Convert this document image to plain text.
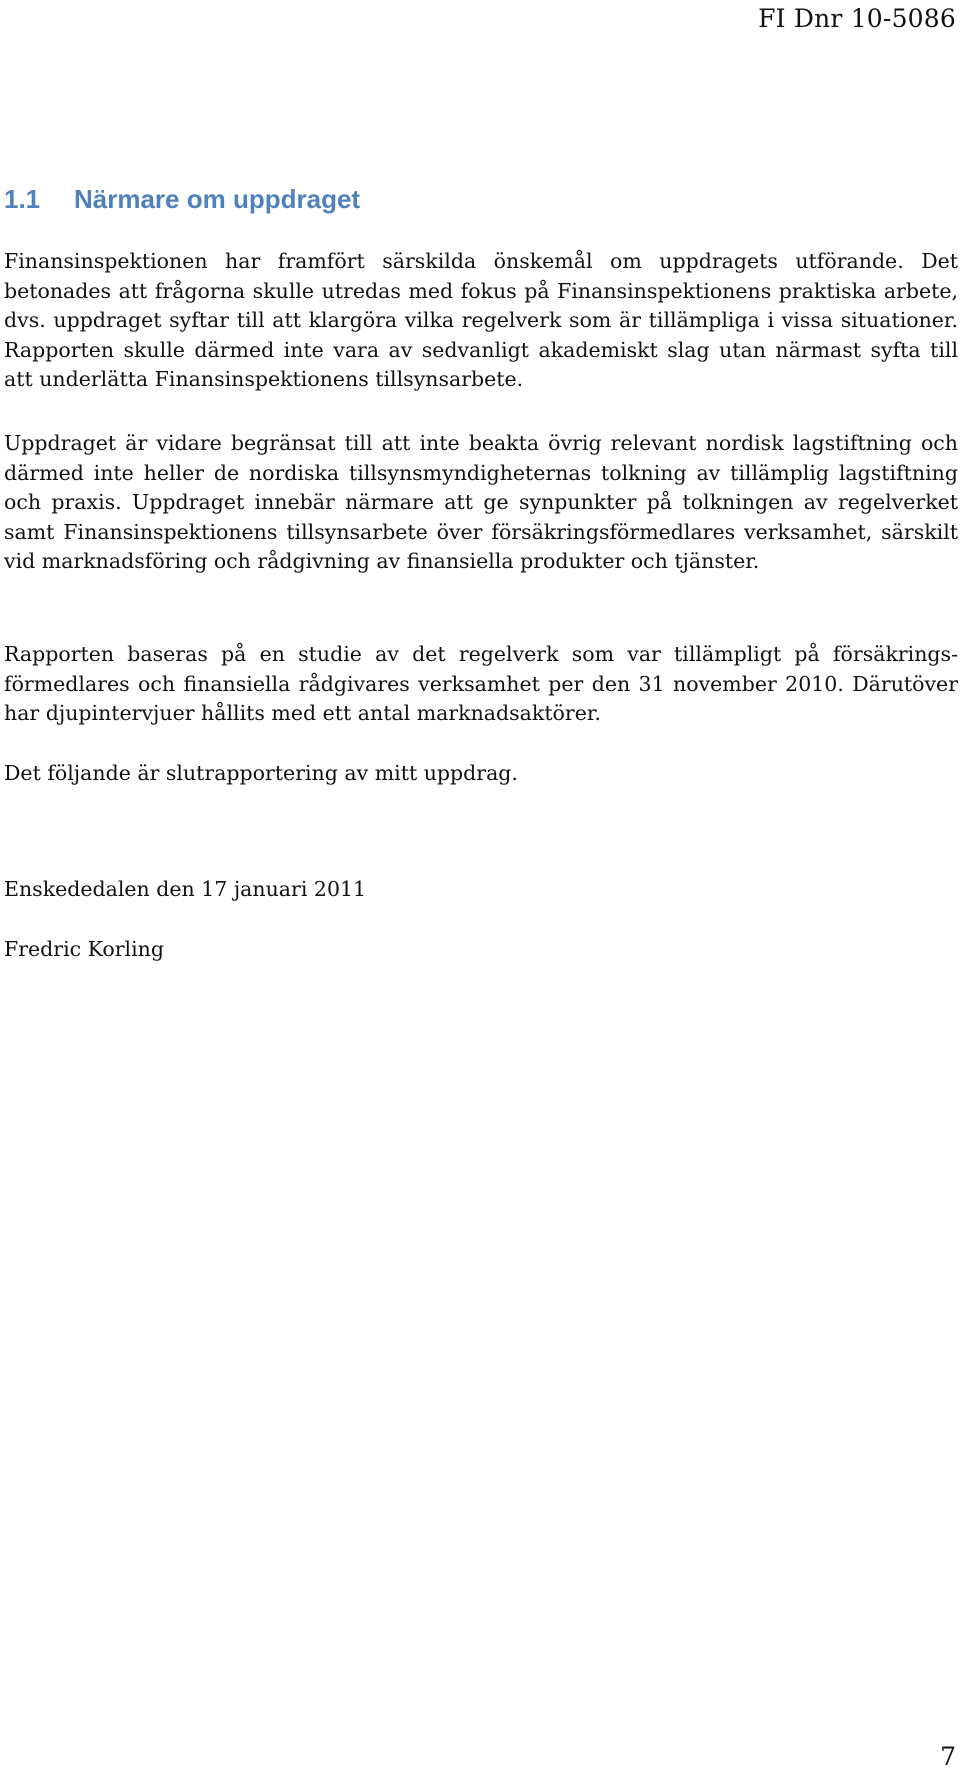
FI Dnr 10-5086
1.1 Närmare om uppdraget

Finansinspektionen har framfört särskilda önskemål om uppdragets utförande. Det betonades att frågorna skulle utredas med fokus på Finansinspektionens praktiska arbete, dvs. uppdraget syftar till att klargöra vilka regelverk som är tillämpliga i vissa situationer. Rapporten skulle därmed inte vara av sedvanligt akademiskt slag utan närmast syfta till att underlätta Finansinspektionens tillsynsarbete.

Uppdraget är vidare begränsat till att inte beakta övrig relevant nordisk lagstiftning och därmed inte heller de nordiska tillsynsmyndigheternas tolkning av tillämplig lagstiftning och praxis. Uppdraget innebär närmare att ge synpunkter på tolkningen av regelverket samt Finansinspektionens tillsynsarbete över försäkringsförmedlares verksamhet, särskilt vid marknadsföring och rådgivning av finansiella produkter och tjänster.

Rapporten baseras på en studie av det regelverk som var tillämpligt på försäkrings-förmedlares och finansiella rådgivares verksamhet per den 31 november 2010. Därutöver har djupintervjuer hållits med ett antal marknadsaktörer.

Det följande är slutrapportering av mitt uppdrag.

Enskededalen den 17 januari 2011

Fredric Korling

7
